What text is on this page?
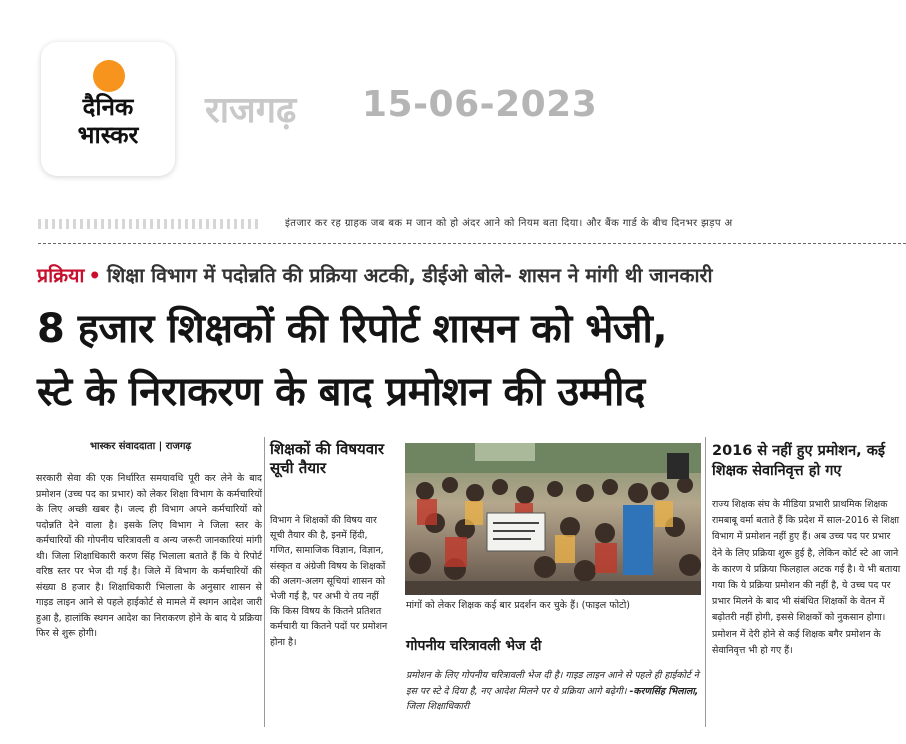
दैनिक
भास्कर
राजगढ़ 15-06-2023
इंतजार कर रह ग्राहक जब बक म जान को हो अंदर आने को नियम बता दिया। और बैंक गार्ड के बीच दिनभर झड़प अ
प्रक्रिया • शिक्षा विभाग में पदोन्नति की प्रक्रिया अटकी, डीईओ बोले- शासन ने मांगी थी जानकारी
8 हजार शिक्षकों की रिपोर्ट शासन को भेजी,
स्टे के निराकरण के बाद प्रमोशन की उम्मीद
भास्कर संवाददाता | राजगढ़
सरकारी सेवा की एक निर्धारित समयावधि पूरी कर लेने के बाद प्रमोशन (उच्च पद का प्रभार) को लेकर शिक्षा विभाग के कर्मचारियों के लिए अच्छी खबर है। जल्द ही विभाग अपने कर्मचारियों को पदोन्नति देने वाला है। इसके लिए विभाग ने जिला स्तर के कर्मचारियों की गोपनीय चरित्रावली व अन्य जरूरी जानकारियां मांगी थी। जिला शिक्षाधिकारी करण सिंह भिलाला बताते हैं कि ये रिपोर्ट वरिष्ठ स्तर पर भेज दी गई है। जिले में विभाग के कर्मचारियों की संख्या 8 हजार है। शिक्षाधिकारी भिलाला के अनुसार शासन से गाइड लाइन आने से पहले हाईकोर्ट से मामले में स्थगन आदेश जारी हुआ है, हालांकि स्थगन आदेश का निराकरण होने के बाद ये प्रक्रिया फिर से शुरू होगी।
शिक्षकों की विषयवार सूची तैयार
विभाग ने शिक्षकों की विषय वार सूची तैयार की है, इनमें हिंदी, गणित, सामाजिक विज्ञान, विज्ञान, संस्कृत व अंग्रेजी विषय के शिक्षकों की अलग-अलग सूचियां शासन को भेजी गई है, पर अभी ये तय नहीं कि किस विषय के कितने प्रतिशत कर्मचारी या कितने पदों पर प्रमोशन होना है।
मांगों को लेकर शिक्षक कई बार प्रदर्शन कर चुके हैं। (फाइल फोटो)
गोपनीय चरित्रावली भेज दी
प्रमोशन के लिए गोपनीय चरित्रावली भेज दी है। गाइड लाइन आने से पहले ही हाईकोर्ट ने इस पर स्टे दे दिया है, नए आदेश मिलने पर ये प्रक्रिया आगे बढ़ेगी। -करणसिंह भिलाला, जिला शिक्षाधिकारी
2016 से नहीं हुए प्रमोशन, कई शिक्षक सेवानिवृत्त हो गए
राज्य शिक्षक संघ के मीडिया प्रभारी प्राथमिक शिक्षक रामबाबू वर्मा बताते हैं कि प्रदेश में साल-2016 से शिक्षा विभाग में प्रमोशन नहीं हुए हैं। अब उच्च पद पर प्रभार देने के लिए प्रक्रिया शुरू हुई है, लेकिन कोर्ट स्टे आ जाने के कारण ये प्रक्रिया फिलहाल अटक गई है। ये भी बताया गया कि ये प्रक्रिया प्रमोशन की नहीं है, ये उच्च पद पर प्रभार मिलने के बाद भी संबंधित शिक्षकों के वेतन में बढ़ोतरी नहीं होगी, इससे शिक्षकों को नुकसान होगा। प्रमोशन में देरी होने से कई शिक्षक बगैर प्रमोशन के सेवानिवृत्त भी हो गए हैं।
